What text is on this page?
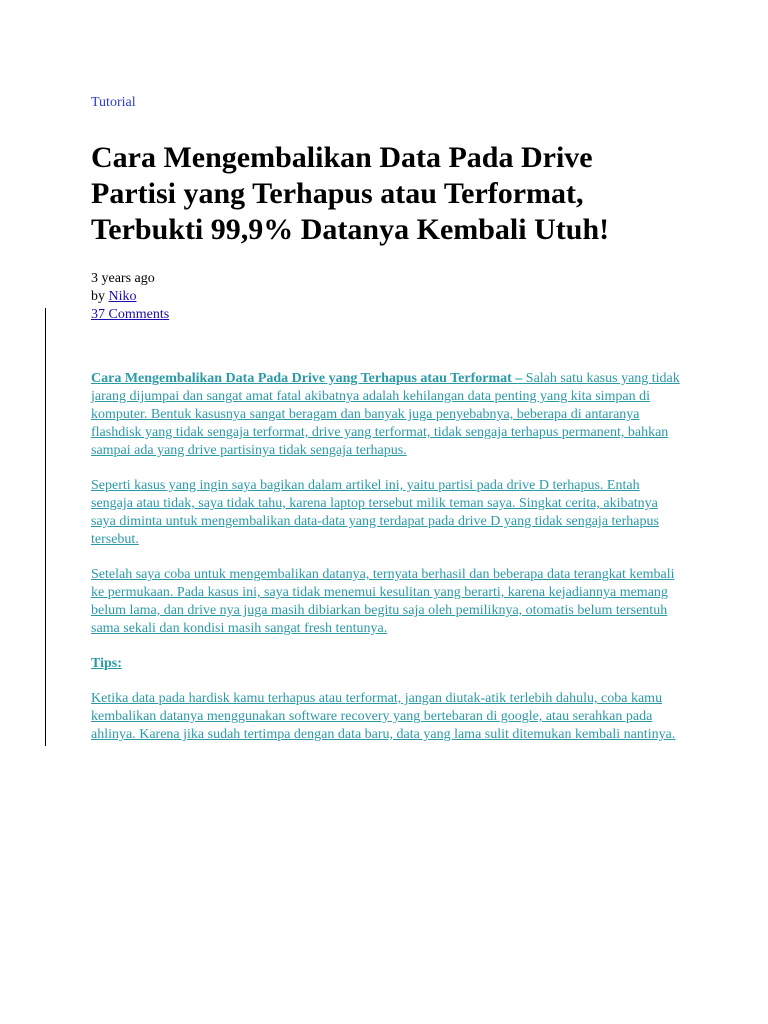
Tutorial
Cara Mengembalikan Data Pada Drive Partisi yang Terhapus atau Terformat, Terbukti 99,9% Datanya Kembali Utuh!
3 years ago
by Niko
37 Comments

Cara Mengembalikan Data Pada Drive yang Terhapus atau Terformat – Salah satu kasus yang tidak jarang dijumpai dan sangat amat fatal akibatnya adalah kehilangan data penting yang kita simpan di komputer. Bentuk kasusnya sangat beragam dan banyak juga penyebabnya, beberapa di antaranya flashdisk yang tidak sengaja terformat, drive yang terformat, tidak sengaja terhapus permanent, bahkan sampai ada yang drive partisinya tidak sengaja terhapus.

Seperti kasus yang ingin saya bagikan dalam artikel ini, yaitu partisi pada drive D terhapus. Entah sengaja atau tidak, saya tidak tahu, karena laptop tersebut milik teman saya. Singkat cerita, akibatnya saya diminta untuk mengembalikan data-data yang terdapat pada drive D yang tidak sengaja terhapus tersebut.

Setelah saya coba untuk mengembalikan datanya, ternyata berhasil dan beberapa data terangkat kembali ke permukaan. Pada kasus ini, saya tidak menemui kesulitan yang berarti, karena kejadiannya memang belum lama, dan drive nya juga masih dibiarkan begitu saja oleh pemiliknya, otomatis belum tersentuh sama sekali dan kondisi masih sangat fresh tentunya.

Tips:

Ketika data pada hardisk kamu terhapus atau terformat, jangan diutak-atik terlebih dahulu, coba kamu kembalikan datanya menggunakan software recovery yang bertebaran di google, atau serahkan pada ahlinya. Karena jika sudah tertimpa dengan data baru, data yang lama sulit ditemukan kembali nantinya.
